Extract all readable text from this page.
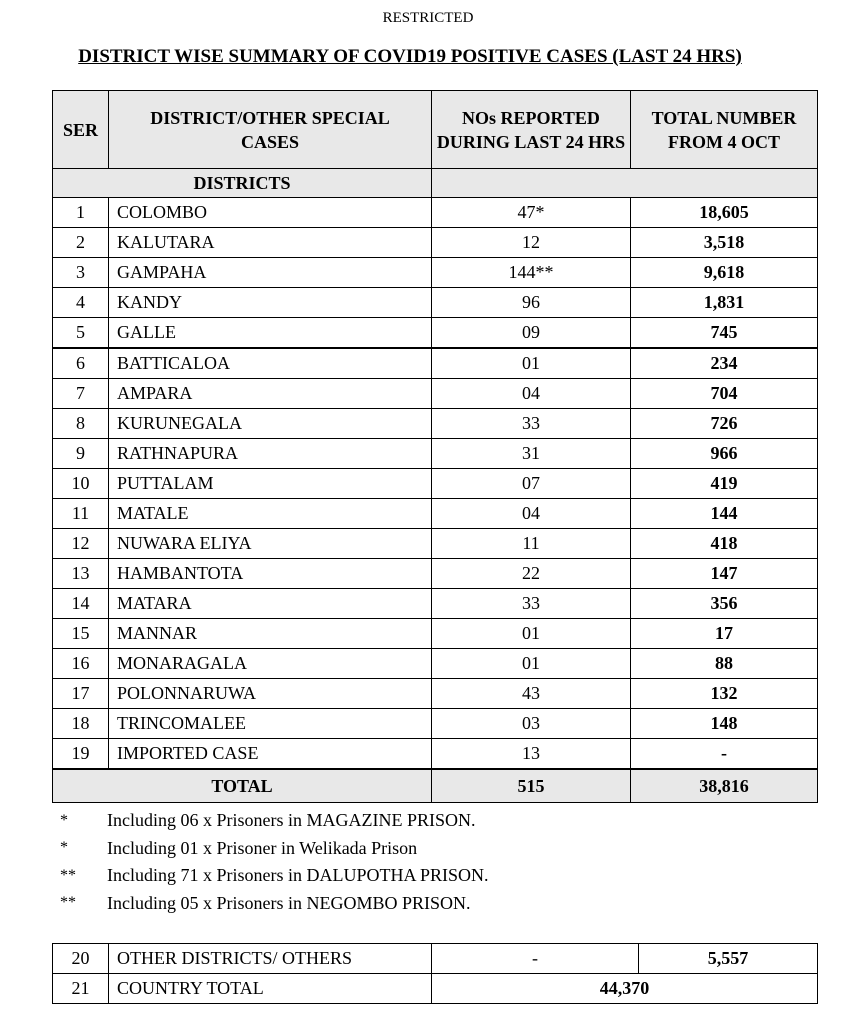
RESTRICTED
DISTRICT WISE SUMMARY OF COVID19 POSITIVE CASES (LAST 24 HRS)
SER	DISTRICT/OTHER SPECIAL CASES	NOs REPORTED DURING LAST 24 HRS	TOTAL NUMBER FROM 4 OCT
DISTRICTS			
1	COLOMBO	47*	18,605
2	KALUTARA	12	3,518
3	GAMPAHA	144**	9,618
4	KANDY	96	1,831
5	GALLE	09	745
6	BATTICALOA	01	234
7	AMPARA	04	704
8	KURUNEGALA	33	726
9	RATHNAPURA	31	966
10	PUTTALAM	07	419
11	MATALE	04	144
12	NUWARA ELIYA	11	418
13	HAMBANTOTA	22	147
14	MATARA	33	356
15	MANNAR	01	17
16	MONARAGALA	01	88
17	POLONNARUWA	43	132
18	TRINCOMALEE	03	148
19	IMPORTED CASE	13	-
TOTAL		515	38,816
*	Including 06 x Prisoners in MAGAZINE PRISON.
*	Including 01 x Prisoner in Welikada Prison
**	Including 71 x Prisoners in DALUPOTHA PRISON.
**	Including 05 x Prisoners in NEGOMBO PRISON.
20	OTHER DISTRICTS/ OTHERS	-	5,557
21	COUNTRY TOTAL	44,370	
